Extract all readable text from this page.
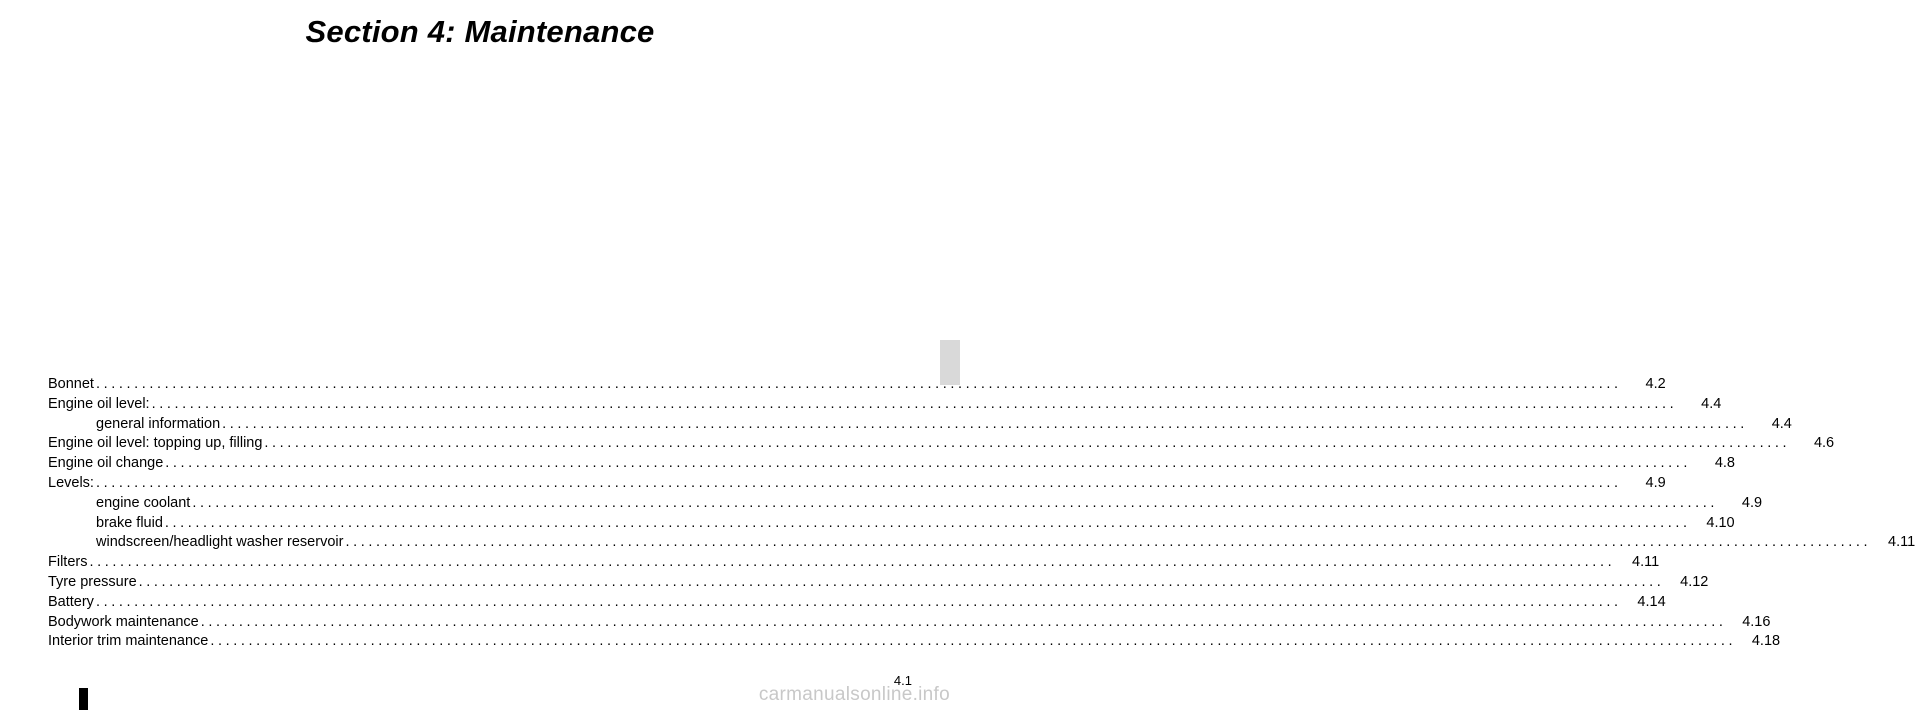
Section 4: Maintenance
Bonnet ........................................................................................................................................................................................................	4.2
Engine oil level: ........................................................................................................................................................................................................	4.4
general information ........................................................................................................................................................................................................	4.4
Engine oil level: topping up, filling ........................................................................................................................................................................................................	4.6
Engine oil change ........................................................................................................................................................................................................	4.8
Levels: ........................................................................................................................................................................................................	4.9
engine coolant ........................................................................................................................................................................................................	4.9
brake fluid ........................................................................................................................................................................................................	4.10
windscreen/headlight washer reservoir ........................................................................................................................................................................................................	4.11
Filters ........................................................................................................................................................................................................	4.11
Tyre pressure ........................................................................................................................................................................................................	4.12
Battery ........................................................................................................................................................................................................	4.14
Bodywork maintenance ........................................................................................................................................................................................................	4.16
Interior trim maintenance ........................................................................................................................................................................................................	4.18
4.1
carmanualsonline.info
